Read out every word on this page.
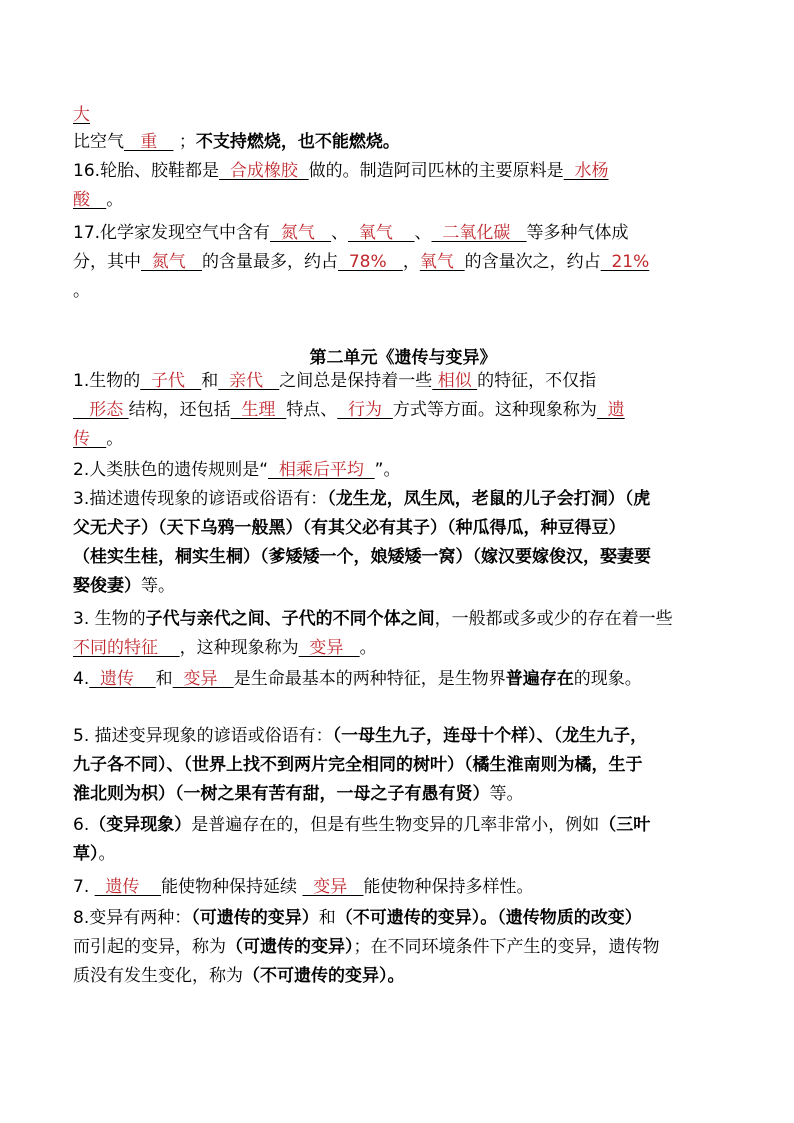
第二单元《遗传与变异》
大
比空气   重    ；不支持燃烧，也不能燃烧。
16.轮胎、胶鞋都是  合成橡胶  做的。制造阿司匹林的主要原料是  水杨
酸   。
17.化学家发现空气中含有  氮气   、  氧气    、  二氧化碳   等多种气体成
分，其中  氮气   的含量最多，约占  78%   ，氧气  的含量次之，约占  21%
。
1.生物的  子代   和  亲代   之间总是保持着一些 相似 的特征，不仅指
形态 结构，还包括  生理  特点、  行为  方式等方面。这种现象称为  遗
传   。
2.人类肤色的遗传规则是“  相乘后平均  ”。
3.描述遗传现象的谚语或俗语有：（龙生龙，凤生凤，老鼠的儿子会打洞）（虎
父无犬子）（天下乌鸦一般黑）（有其父必有其子）（种瓜得瓜，种豆得豆）
（桂实生桂，桐实生桐）（爹矮矮一个，娘矮矮一窝）（嫁汉要嫁俊汉，娶妻要
娶俊妻）等。
3. 生物的子代与亲代之间、子代的不同个体之间，一般都或多或少的存在着一些
不同的特征    ，这种现象称为  变异   。
4.  遗传    和  变异   是生命最基本的两种特征，是生物界普遍存在的现象。
5. 描述变异现象的谚语或俗语有：（一母生九子，连母十个样）、（龙生九子，
九子各不同）、（世界上找不到两片完全相同的树叶）（橘生淮南则为橘，生于
淮北则为枳）（一树之果有苦有甜，一母之子有愚有贤）等。
6.（变异现象）是普遍存在的，但是有些生物变异的几率非常小，例如（三叶
草）。
7.   遗传    能使物种保持延续   变异   能使物种保持多样性。
8.变异有两种：（可遗传的变异）和（不可遗传的变异）。（遗传物质的改变）
而引起的变异，称为（可遗传的变异）；在不同环境条件下产生的变异，遗传物
质没有发生变化，称为（不可遗传的变异）。
